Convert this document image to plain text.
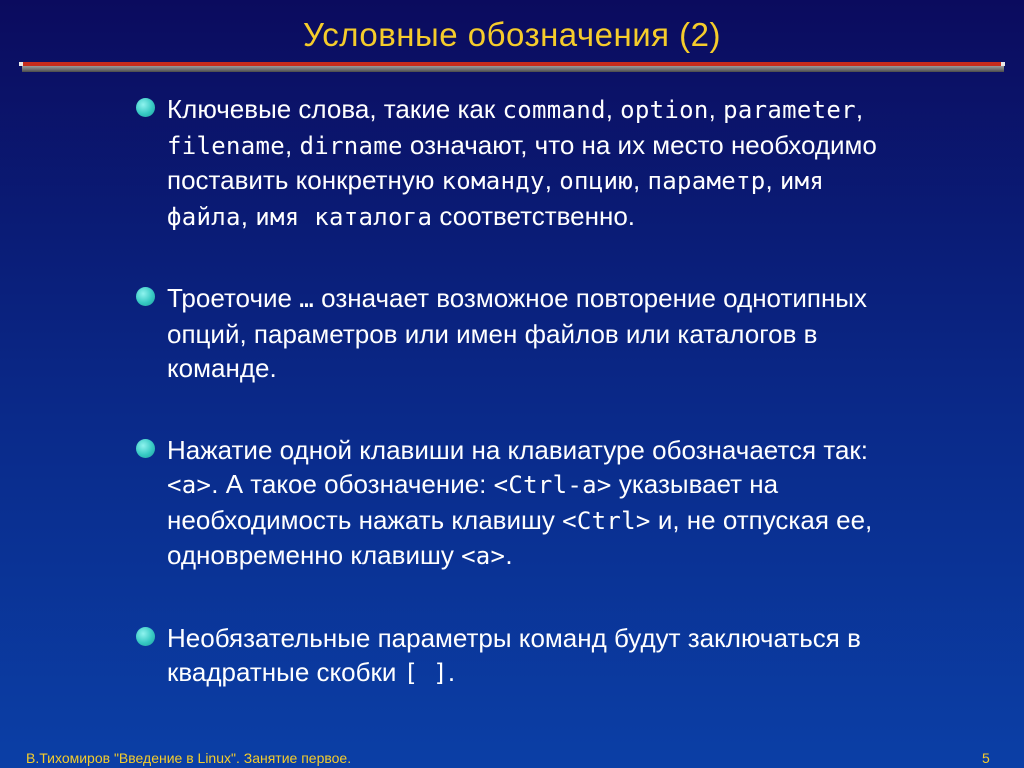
Условные обозначения (2)
Ключевые слова, такие как command, option, parameter,
filename, dirname означают, что на их место необходимо
поставить конкретную команду, опцию, параметр, имя
файла, имя каталога соответственно.
Троеточие … означает возможное повторение однотипных
опций, параметров или имен файлов или каталогов в
команде.
Нажатие одной клавиши на клавиатуре обозначается так:
<a>. А такое обозначение: <Ctrl-a> указывает на
необходимость нажать клавишу <Ctrl> и, не отпуская ее,
одновременно клавишу <a>.
Необязательные параметры команд будут заключаться в
квадратные скобки [ ].
В.Тихомиров "Введение в Linux". Занятие первое.	5
